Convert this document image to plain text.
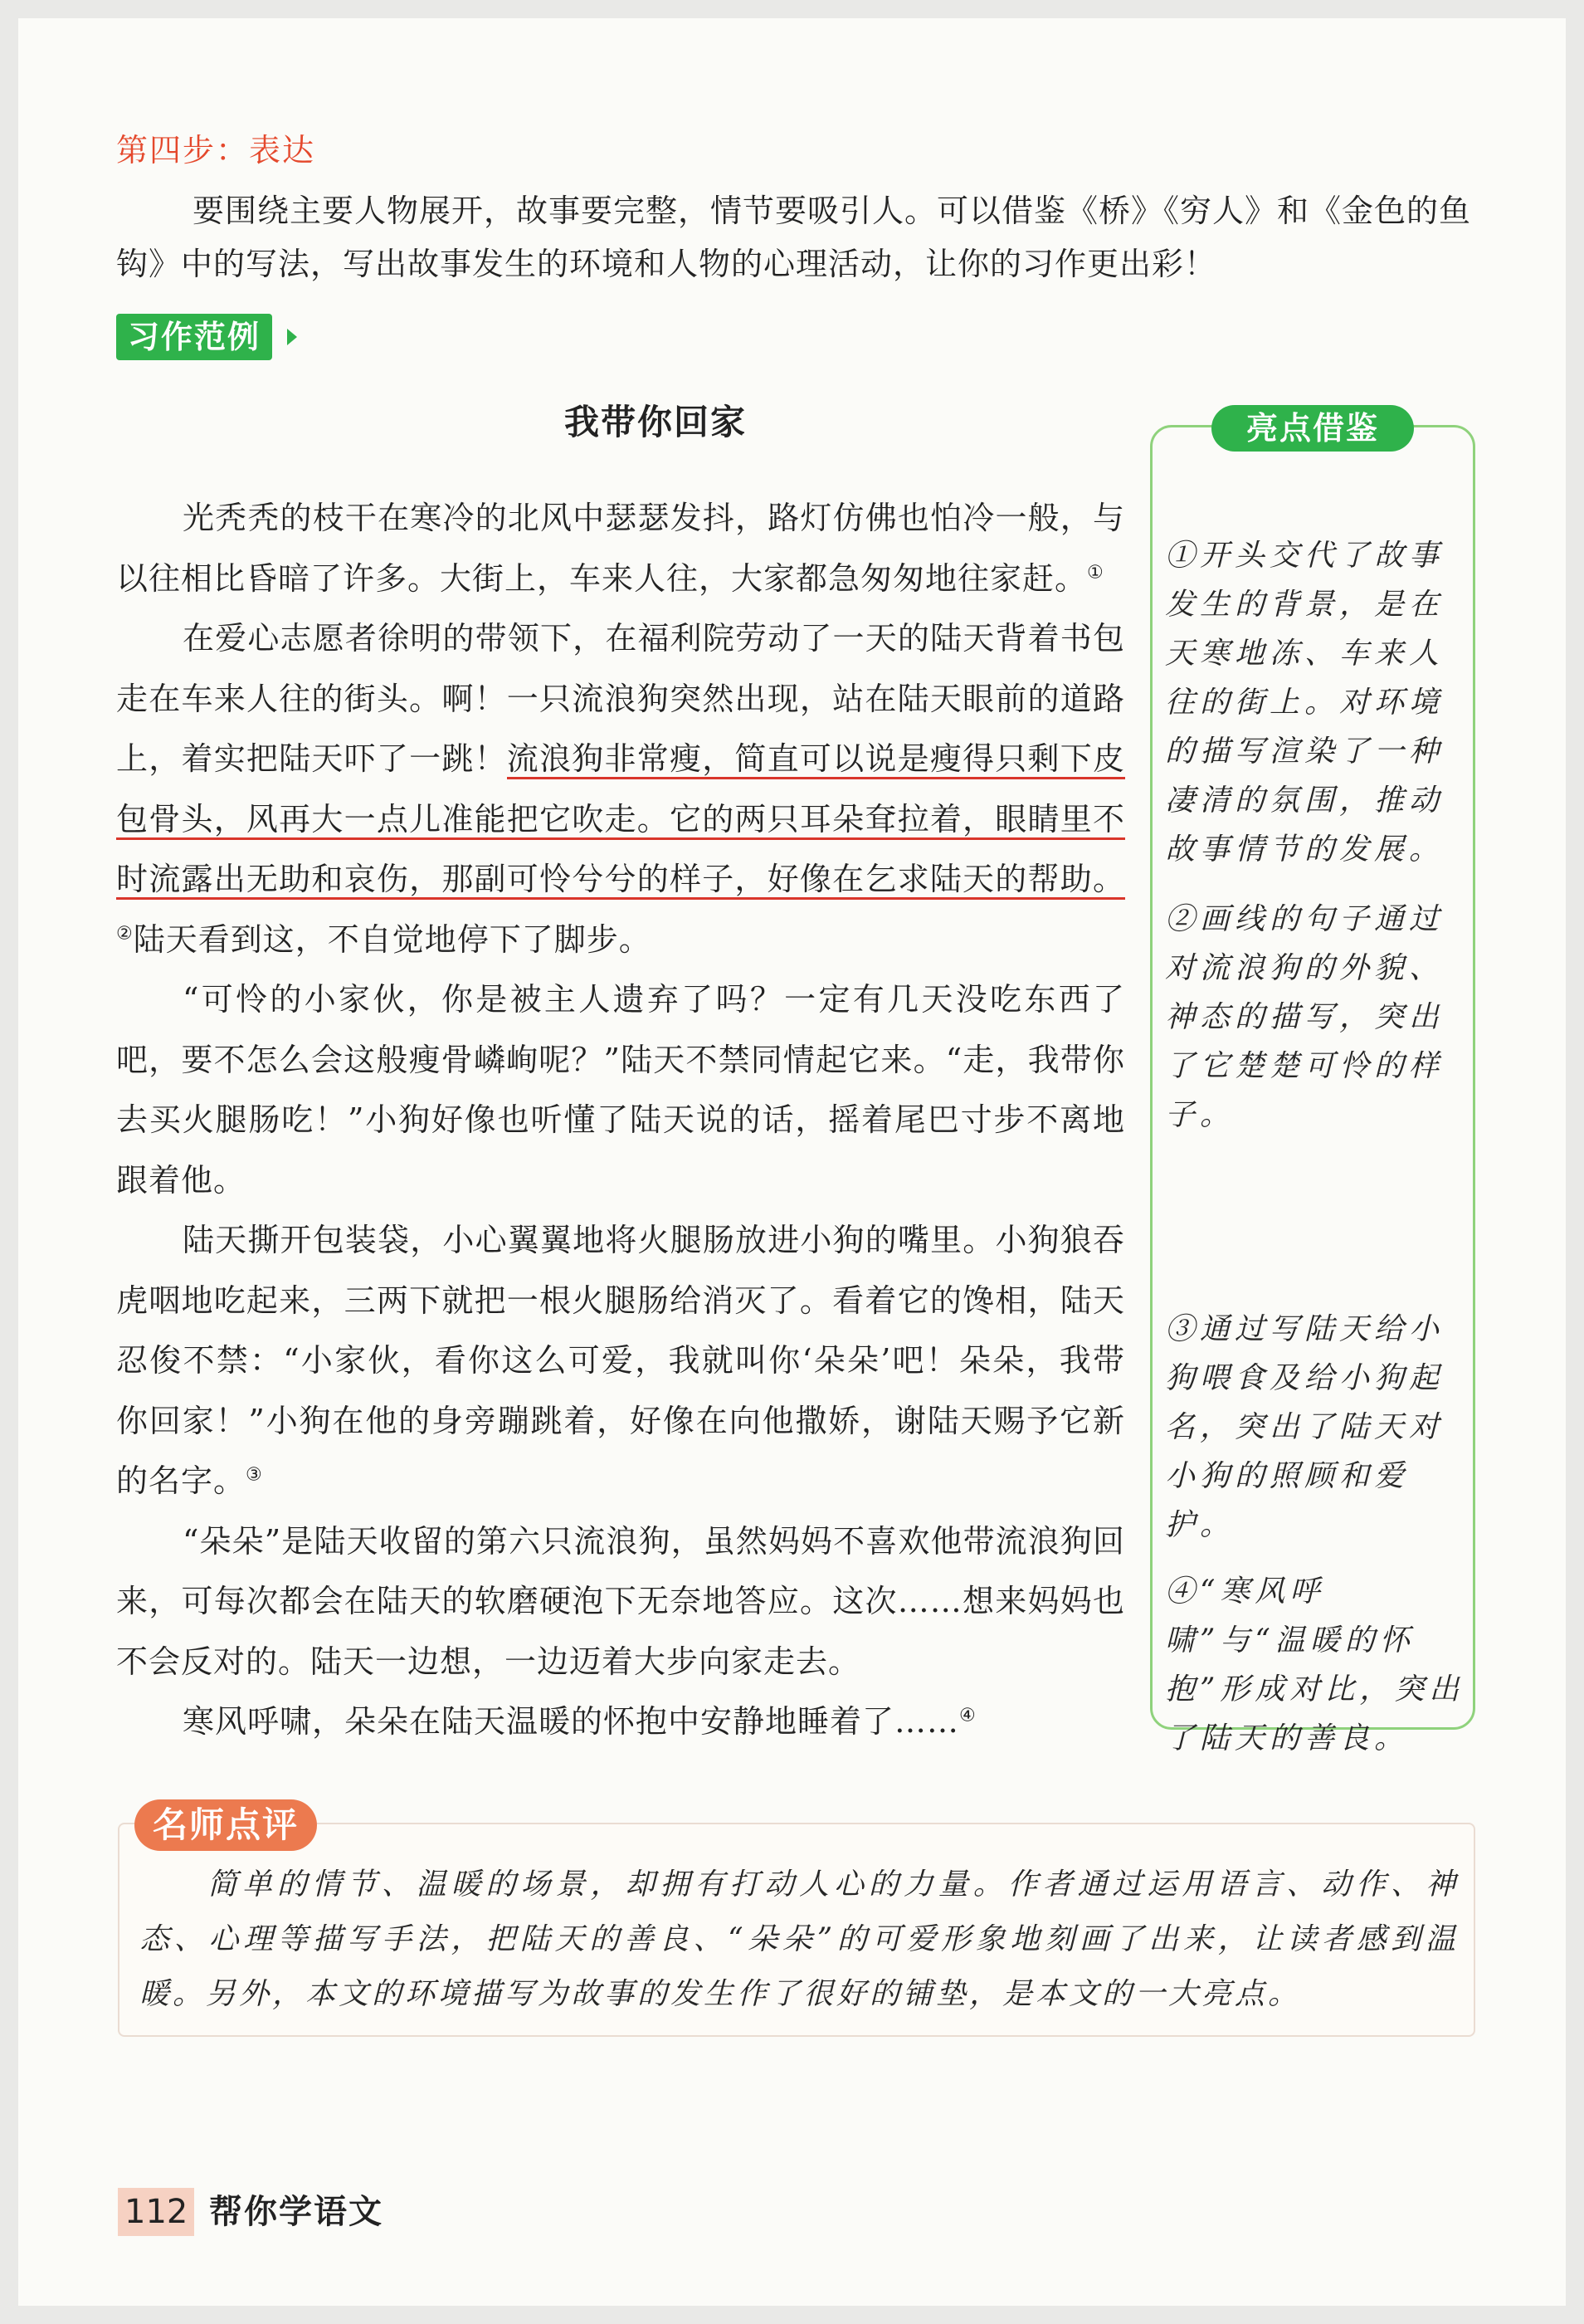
第四步：表达
要围绕主要人物展开，故事要完整，情节要吸引人。可以借鉴《桥》《穷人》和《金色的鱼钩》中的写法，写出故事发生的环境和人物的心理活动，让你的习作更出彩！
习作范例
我带你回家

光秃秃的枝干在寒冷的北风中瑟瑟发抖，路灯仿佛也怕冷一般，与以往相比昏暗了许多。大街上，车来人往，大家都急匆匆地往家赶。①

在爱心志愿者徐明的带领下，在福利院劳动了一天的陆天背着书包走在车来人往的街头。啊！一只流浪狗突然出现，站在陆天眼前的道路上，着实把陆天吓了一跳！流浪狗非常瘦，简直可以说是瘦得只剩下皮包骨头，风再大一点儿准能把它吹走。它的两只耳朵耷拉着，眼睛里不时流露出无助和哀伤，那副可怜兮兮的样子，好像在乞求陆天的帮助。②陆天看到这，不自觉地停下了脚步。

“可怜的小家伙，你是被主人遗弃了吗？一定有几天没吃东西了吧，要不怎么会这般瘦骨嶙峋呢？”陆天不禁同情起它来。“走，我带你去买火腿肠吃！”小狗好像也听懂了陆天说的话，摇着尾巴寸步不离地跟着他。

陆天撕开包装袋，小心翼翼地将火腿肠放进小狗的嘴里。小狗狼吞虎咽地吃起来，三两下就把一根火腿肠给消灭了。看着它的馋相，陆天忍俊不禁：“小家伙，看你这么可爱，我就叫你‘朵朵’吧！朵朵，我带你回家！”小狗在他的身旁蹦跳着，好像在向他撒娇，谢陆天赐予它新的名字。③

“朵朵”是陆天收留的第六只流浪狗，虽然妈妈不喜欢他带流浪狗回来，可每次都会在陆天的软磨硬泡下无奈地答应。这次……想来妈妈也不会反对的。陆天一边想，一边迈着大步向家走去。

寒风呼啸，朵朵在陆天温暖的怀抱中安静地睡着了……④

亮点借鉴
①开头交代了故事发生的背景，是在天寒地冻、车来人往的街上。对环境的描写渲染了一种凄清的氛围，推动故事情节的发展。
②画线的句子通过对流浪狗的外貌、神态的描写，突出了它楚楚可怜的样子。
③通过写陆天给小狗喂食及给小狗起名，突出了陆天对小狗的照顾和爱护。
④“寒风呼啸”与“温暖的怀抱”形成对比，突出了陆天的善良。
名师点评
简单的情节、温暖的场景，却拥有打动人心的力量。作者通过运用语言、动作、神态、心理等描写手法，把陆天的善良、“朵朵”的可爱形象地刻画了出来，让读者感到温暖。另外，本文的环境描写为故事的发生作了很好的铺垫，是本文的一大亮点。
112 帮你学语文
